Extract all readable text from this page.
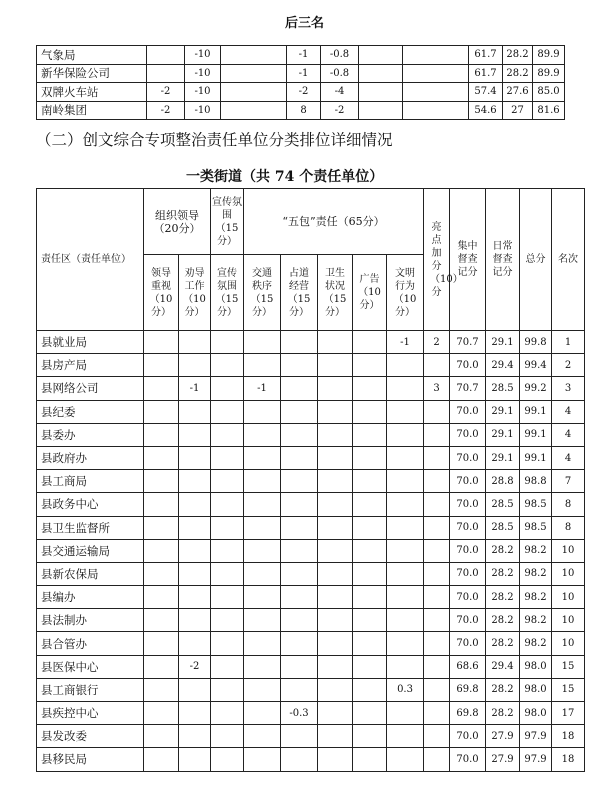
后三名
气象局		-10		-1	-0.8			61.7	28.2	89.9	
新华保险公司		-10		-1	-0.8			61.7	28.2	89.9	
双牌火车站	-2	-10		-2	-4			57.4	27.6	85.0	
南岭集团	-2	-10		8	-2			54.6	27	81.6	
（二）创文综合专项整治责任单位分类排位详细情况
一类街道（共 74 个责任单位）
责任区（责任单位）	组织领导（20分）		宣传氛围（15分）	“五包”责任（65分）					亮点加分（10）分	集中督查记分	日常督查记分	总分	名次
	领导重视（10分）	劝导工作（10分）	宣传氛围（15分）	交通秩序（15分）	占道经营（15分）	卫生状况（15分）	广告（10分）	文明行为（10分）					
县就业局								-1	2	70.7	29.1	99.8	1
县房产局										70.0	29.4	99.4	2
县网络公司		-1		-1					3	70.7	28.5	99.2	3
县纪委										70.0	29.1	99.1	4
县委办										70.0	29.1	99.1	4
县政府办										70.0	29.1	99.1	4
县工商局										70.0	28.8	98.8	7
县政务中心										70.0	28.5	98.5	8
县卫生监督所										70.0	28.5	98.5	8
县交通运输局										70.0	28.2	98.2	10
县新农保局										70.0	28.2	98.2	10
县编办										70.0	28.2	98.2	10
县法制办										70.0	28.2	98.2	10
县合管办										70.0	28.2	98.2	10
县医保中心		-2								68.6	29.4	98.0	15
县工商银行								0.3		69.8	28.2	98.0	15
县疾控中心					-0.3					69.8	28.2	98.0	17
县发改委										70.0	27.9	97.9	18
县移民局										70.0	27.9	97.9	18
